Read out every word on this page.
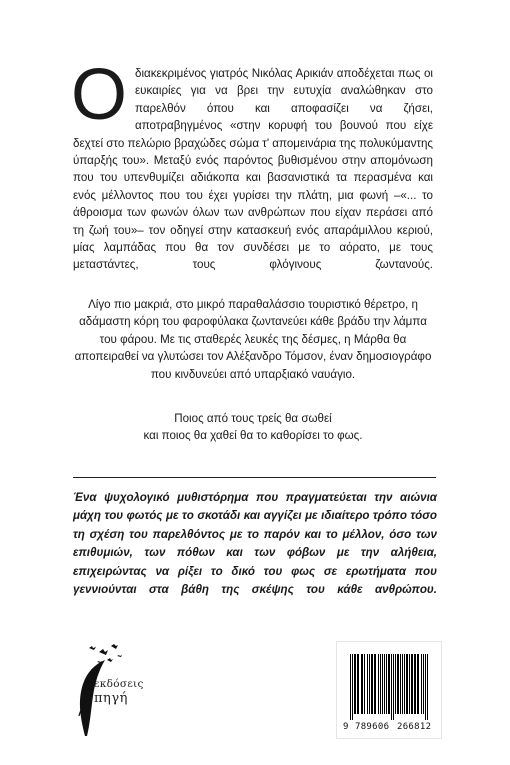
Οδιακεκριμένος γιατρός Νικόλας Αρικιάν αποδέχεται πως οι ευκαιρίες για να βρει την ευτυχία αναλώθηκαν στο παρελθόν όπου και αποφασίζει να ζήσει, αποτραβηγμένος «στην κορυφή του βουνού που είχε δεχτεί στο πελώριο βραχώδες σώμα τ' απομεινάρια της πολυκύμαντης ύπαρξής του». Μεταξύ ενός παρόντος βυθισμένου στην απομόνωση που του υπενθυμίζει αδιάκοπα και βασανιστικά τα περασμένα και ενός μέλλοντος που του έχει γυρίσει την πλάτη, μια φωνή –«... το άθροισμα των φωνών όλων των ανθρώπων που είχαν περάσει από τη ζωή του»– τον οδηγεί στην κατασκευή ενός απαράμιλλου κεριού, μίας λαμπάδας που θα τον συνδέσει με το αόρατο, με τους μεταστάντες, τους φλόγινους ζωντανούς.

Λίγο πιο μακριά, στο μικρό παραθαλάσσιο τουριστικό θέρετρο, η αδάμαστη κόρη του φαροφύλακα ζωντανεύει κάθε βράδυ την λάμπα του φάρου. Με τις σταθερές λευκές της δέσμες, η Μάρθα θα αποπειραθεί να γλυτώσει τον Αλέξανδρο Τόμσον, έναν δημοσιογράφο που κινδυνεύει από υπαρξιακό ναυάγιο.

Ποιος από τους τρείς θα σωθεί
και ποιος θα χαθεί θα το καθορίσει το φως.

Ένα ψυχολογικό μυθιστόρημα που πραγματεύεται την αιώνια μάχη του φωτός με το σκοτάδι και αγγίζει με ιδιαίτερο τρόπο τόσο τη σχέση του παρελθόντος με το παρόν και το μέλλον, όσο των επιθυμιών, των πόθων και των φόβων με την αλήθεια, επιχειρώντας να ρίξει το δικό του φως σε ερωτήματα που γεννιούνται στα βάθη της σκέψης του κάθε ανθρώπου.

εκδόσεις
πηγή
9 789606 266812
